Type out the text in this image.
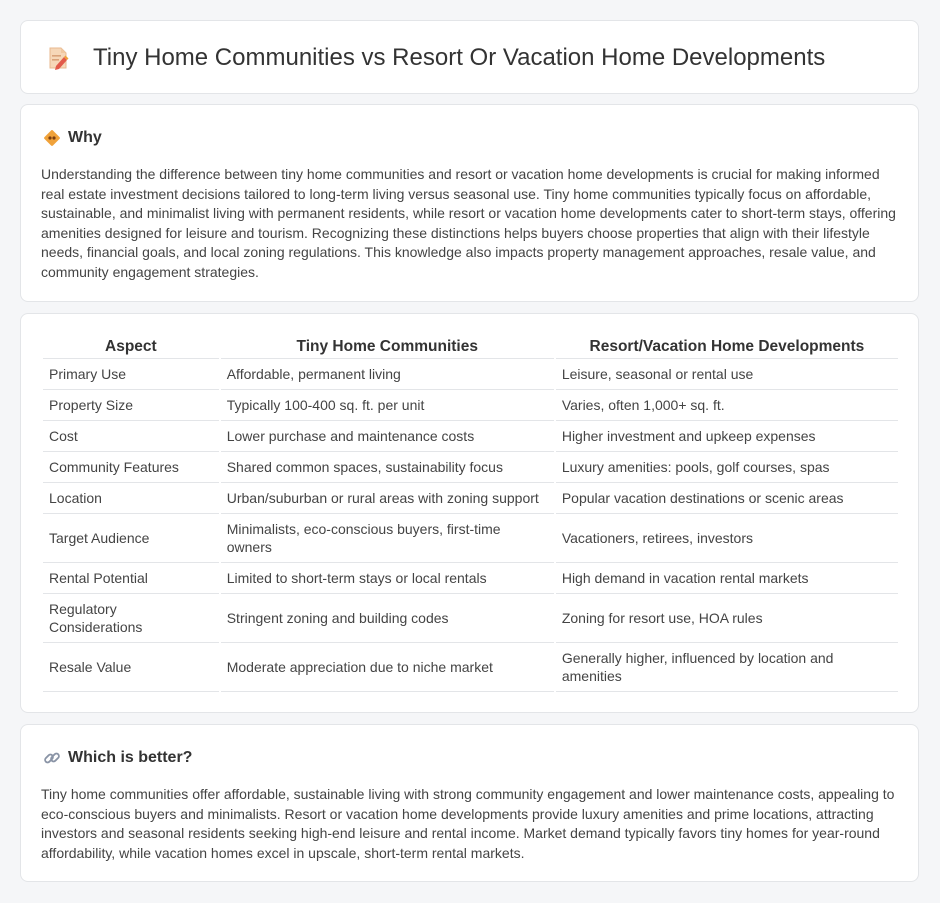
Tiny Home Communities vs Resort Or Vacation Home Developments
Why

Understanding the difference between tiny home communities and resort or vacation home developments is crucial for making informed real estate investment decisions tailored to long-term living versus seasonal use. Tiny home communities typically focus on affordable, sustainable, and minimalist living with permanent residents, while resort or vacation home developments cater to short-term stays, offering amenities designed for leisure and tourism. Recognizing these distinctions helps buyers choose properties that align with their lifestyle needs, financial goals, and local zoning regulations. This knowledge also impacts property management approaches, resale value, and community engagement strategies.

Aspect	Tiny Home Communities	Resort/Vacation Home Developments
Primary Use	Affordable, permanent living	Leisure, seasonal or rental use
Property Size	Typically 100-400 sq. ft. per unit	Varies, often 1,000+ sq. ft.
Cost	Lower purchase and maintenance costs	Higher investment and upkeep expenses
Community Features	Shared common spaces, sustainability focus	Luxury amenities: pools, golf courses, spas
Location	Urban/suburban or rural areas with zoning support	Popular vacation destinations or scenic areas
Target Audience	Minimalists, eco-conscious buyers, first-time owners	Vacationers, retirees, investors
Rental Potential	Limited to short-term stays or local rentals	High demand in vacation rental markets
Regulatory Considerations	Stringent zoning and building codes	Zoning for resort use, HOA rules
Resale Value	Moderate appreciation due to niche market	Generally higher, influenced by location and amenities
Which is better?

Tiny home communities offer affordable, sustainable living with strong community engagement and lower maintenance costs, appealing to eco-conscious buyers and minimalists. Resort or vacation home developments provide luxury amenities and prime locations, attracting investors and seasonal residents seeking high-end leisure and rental income. Market demand typically favors tiny homes for year-round affordability, while vacation homes excel in upscale, short-term rental markets.
